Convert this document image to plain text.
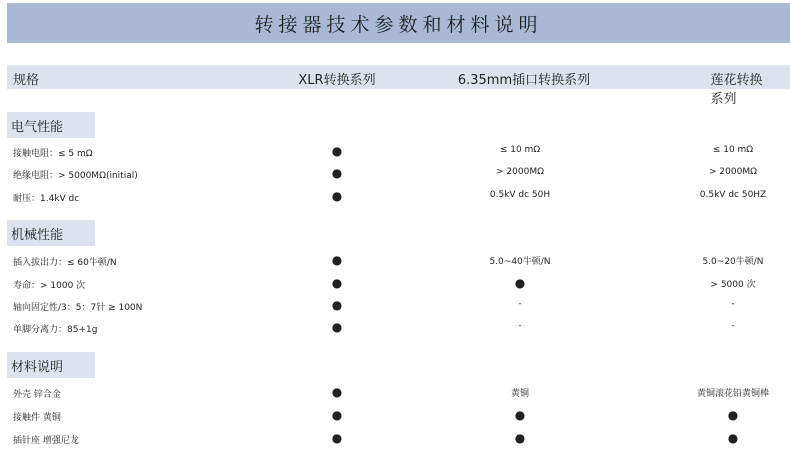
转接器技术参数和材料说明
规格	XLR转换系列	6.35mm插口转换系列	莲花转换系列
电气性能
接触电阻：≤ 5 mΩ	●	≤ 10 mΩ	≤ 10 mΩ
绝缘电阻：> 5000MΩ(initial)	●	> 2000MΩ	> 2000MΩ
耐压：1.4kV dc	●	0.5kV dc 50H	0.5kV dc 50HZ
机械性能
插入拔出力：≤ 60牛顿/N	●	5.0~40牛顿/N	5.0~20牛顿/N
寿命：> 1000 次	●	●	> 5000 次
轴向固定性/3：5：7针 ≥ 100N	●	-	-
单脚分离力：85+1g	●	-	-
材料说明
外壳 锌合金	●	黄铜	黄铜滚花铅黄铜棒
接触件 黄铜	●	●	●
插针座 增强尼龙	●	●	●
